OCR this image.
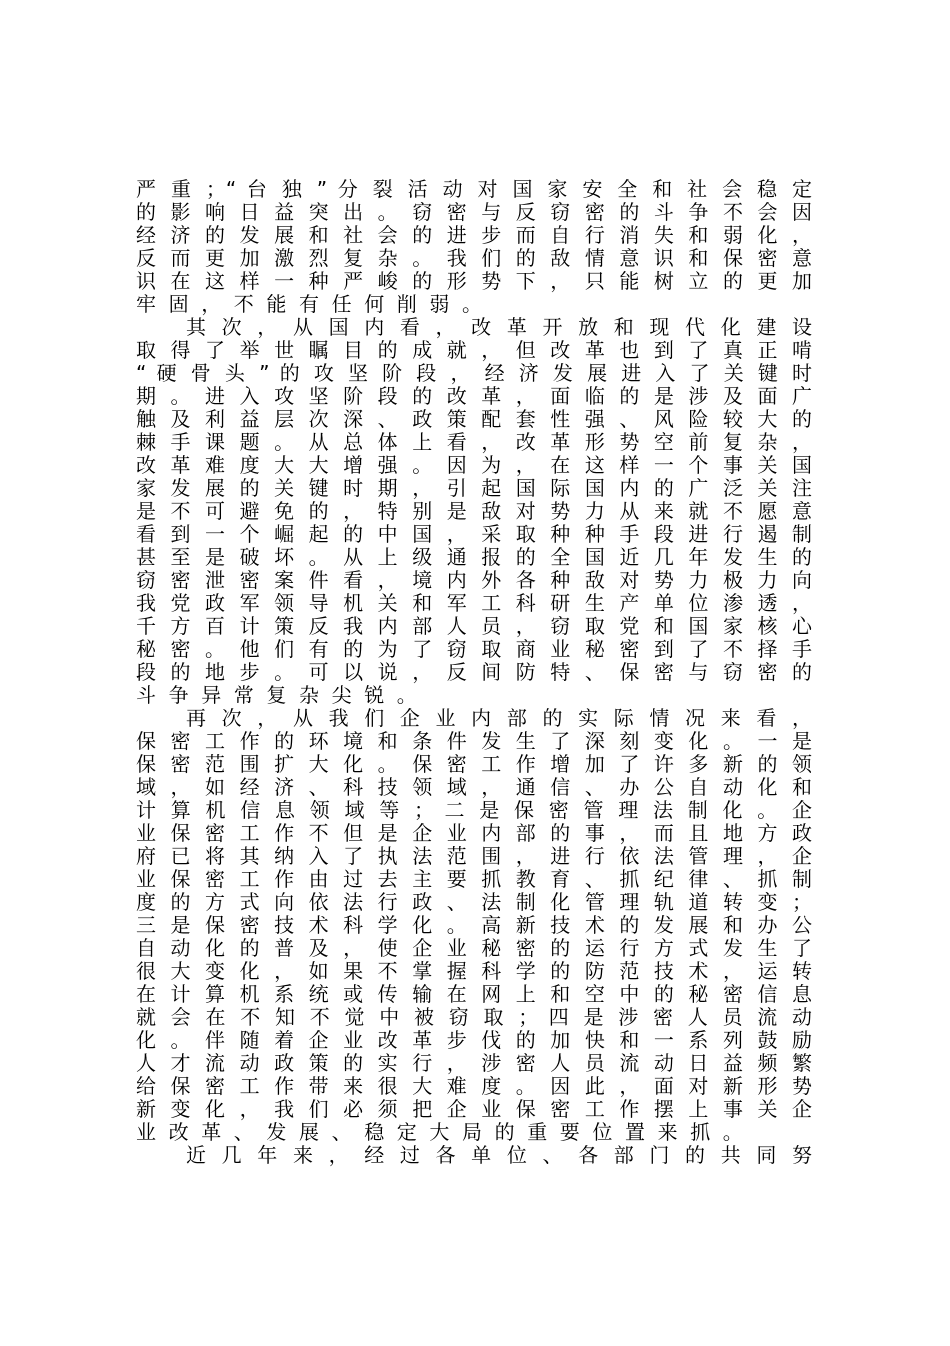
严 重 ；“ 台 独 ” 分 裂 活 动 对 国 家 安 全 和 社 会 稳 定
的 影 响 日 益 突 出 。 窃 密 与 反 窃 密 的 斗 争 不 会 因
经 济 的 发 展 和 社 会 的 进 步 而 自 行 消 失 和 弱 化 ，
反 而 更 加 激 烈 复 杂 。 我 们 的 敌 情 意 识 和 保 密 意
识 在 这 样 一 种 严 峻 的 形 势 下 ， 只 能 树 立 的 更 加
牢固，不能有任何削弱。
其 次 ， 从 国 内 看 ， 改 革 开 放 和 现 代 化 建 设
取 得 了 举 世 瞩 目 的 成 就 ， 但 改 革 也 到 了 真 正 啃
“ 硬 骨 头 ” 的 攻 坚 阶 段 ， 经 济 发 展 进 入 了 关 键 时
期 。 进 入 攻 坚 阶 段 的 改 革 ， 面 临 的 是 涉 及 面 广
触 及 利 益 层 次 深 、 政 策 配 套 性 强 、 风 险 较 大 的
棘 手 课 题 。 从 总 体 上 看 ， 改 革 形 势 空 前 复 杂 ，
改 革 难 度 大 大 增 强 。 因 为 ， 在 这 样 一 个 事 关 国
家 发 展 的 关 键 时 期 ， 引 起 国 际 国 内 的 广 泛 关 注
是 不 可 避 免 的 ， 特 别 是 敌 对 势 力 从 来 就 不 愿 意
看 到 一 个 崛 起 的 中 国 ， 采 取 种 种 手 段 进 行 遏 制
甚 至 是 破 坏 。 从 上 级 通 报 的 全 国 近 几 年 发 生 的
窃 密 泄 密 案 件 看 ， 境 内 外 各 种 敌 对 势 力 极 力 向
我 党 政 军 领 导 机 关 和 军 工 科 研 生 产 单 位 渗 透 ，
千 方 百 计 策 反 我 内 部 人 员 ， 窃 取 党 和 国 家 核 心
秘 密 。 他 们 有 的 为 了 窃 取 商 业 秘 密 到 了 不 择 手
段 的 地 步 。 可 以 说 ， 反 间 防 特 、 保 密 与 窃 密 的
斗争异常复杂尖锐。
再 次 ， 从 我 们 企 业 内 部 的 实 际 情 况 来 看 ，
保 密 工 作 的 环 境 和 条 件 发 生 了 深 刻 变 化 。 一 是
保 密 范 围 扩 大 化 。 保 密 工 作 增 加 了 许 多 新 的 领
域 ， 如 经 济 、 科 技 领 域 ， 通 信 、 办 公 自 动 化 和
计 算 机 信 息 领 域 等 ； 二 是 保 密 管 理 法 制 化 。 企
业 保 密 工 作 不 但 是 企 业 内 部 的 事 ， 而 且 地 方 政
府 已 将 其 纳 入 了 执 法 范 围 ， 进 行 依 法 管 理 ， 企
业 保 密 工 作 由 过 去 主 要 抓 教 育 、 抓 纪 律 、 抓 制
度 的 方 式 向 依 法 行 政 、 法 制 化 管 理 轨 道 转 变 ；
三 是 保 密 技 术 科 学 化 。 高 新 技 术 的 发 展 和 办 公
自 动 化 的 普 及 ， 使 企 业 秘 密 的 运 行 方 式 发 生 了
很 大 变 化 ， 如 果 不 掌 握 科 学 的 防 范 技 术 ， 运 转
在 计 算 机 系 统 或 传 输 在 网 上 和 空 中 的 秘 密 信 息
就 会 在 不 知 不 觉 中 被 窃 取 ； 四 是 涉 密 人 员 流 动
化 。 伴 随 着 企 业 改 革 步 伐 的 加 快 和 一 系 列 鼓 励
人 才 流 动 政 策 的 实 行 ， 涉 密 人 员 流 动 日 益 频 繁
给 保 密 工 作 带 来 很 大 难 度 。 因 此 ， 面 对 新 形 势
新 变 化 ， 我 们 必 须 把 企 业 保 密 工 作 摆 上 事 关 企
业改革、发展、稳定大局的重要位置来抓。
近 几 年 来 ， 经 过 各 单 位 、 各 部 门 的 共 同 努
